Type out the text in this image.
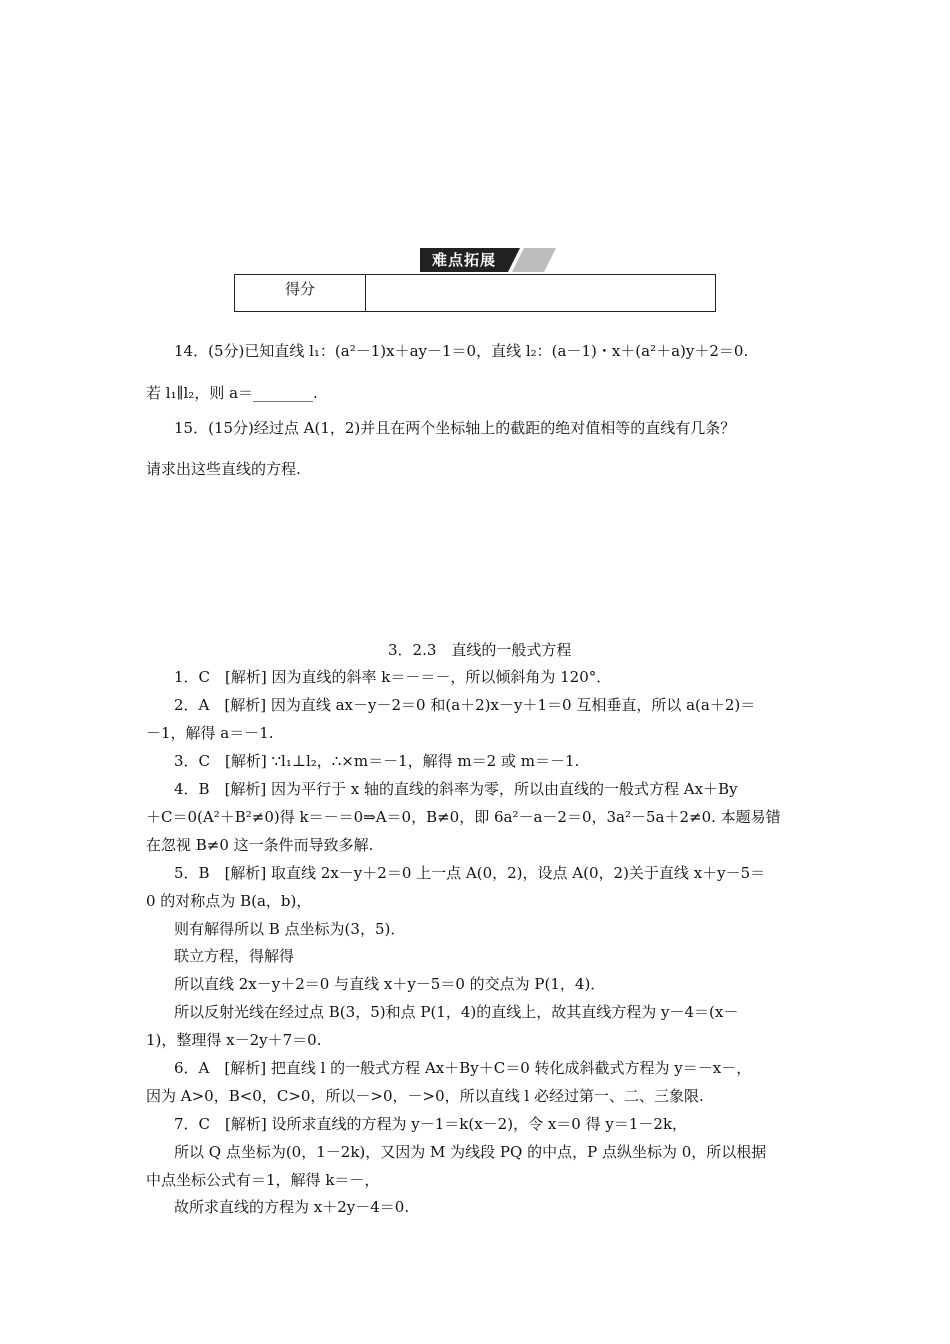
难点拓展
得分
14．(5分)已知直线 l₁：(a²－1)x＋ay－1＝0，直线 l₂：(a－1)・x＋(a²＋a)y＋2＝0.
若 l₁∥l₂，则 a＝________.
15．(15分)经过点 A(1，2)并且在两个坐标轴上的截距的绝对值相等的直线有几条？
请求出这些直线的方程.
3．2.3　直线的一般式方程
1．C　[解析] 因为直线的斜率 k＝－＝－，所以倾斜角为 120°．
2．A　[解析] 因为直线 ax－y－2＝0 和(a＋2)x－y＋1＝0 互相垂直，所以 a(a＋2)＝
－1，解得 a＝－1.
3．C　[解析] ∵l₁⊥l₂，∴×m＝－1，解得 m＝2 或 m＝－1.
4．B　[解析] 因为平行于 x 轴的直线的斜率为零，所以由直线的一般式方程 Ax＋By
＋C＝0(A²＋B²≠0)得 k＝－＝0⇒A＝0，B≠0，即 6a²－a－2＝0，3a²－5a＋2≠0. 本题易错
在忽视 B≠0 这一条件而导致多解.
5．B　[解析] 取直线 2x－y＋2＝0 上一点 A(0，2)，设点 A(0，2)关于直线 x＋y－5＝
0 的对称点为 B(a，b)，
则有解得所以 B 点坐标为(3，5)．
联立方程，得解得
所以直线 2x－y＋2＝0 与直线 x＋y－5＝0 的交点为 P(1，4)．
所以反射光线在经过点 B(3，5)和点 P(1，4)的直线上，故其直线方程为 y－4＝(x－
1)，整理得 x－2y＋7＝0.
6．A　[解析] 把直线 l 的一般式方程 Ax＋By＋C＝0 转化成斜截式方程为 y＝－x－，
因为 A>0，B<0，C>0，所以－>0，－>0，所以直线 l 必经过第一、二、三象限.
7．C　[解析] 设所求直线的方程为 y－1＝k(x－2)，令 x＝0 得 y＝1－2k，
所以 Q 点坐标为(0，1－2k)，又因为 M 为线段 PQ 的中点，P 点纵坐标为 0，所以根据
中点坐标公式有＝1，解得 k＝－，
故所求直线的方程为 x＋2y－4＝0.
